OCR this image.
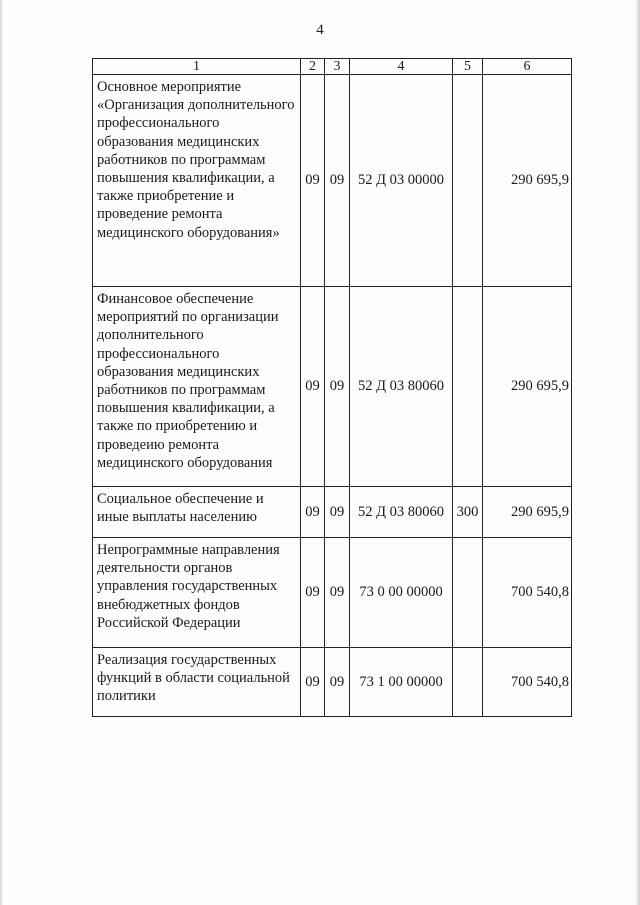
4
1	2	3	4	5	6
Основное мероприятие «Организация дополнительного профессионального образования медицинских работников по программам повышения квалификации, а также приобретение и проведение ремонта медицинского оборудования»	09	09	52 Д 03 00000		290 695,9
Финансовое обеспечение мероприятий по организации дополнительного профессионального образования медицинских работников по программам повышения квалификации, а также по приобретению и проведеию ремонта медицинского оборудования	09	09	52 Д 03 80060		290 695,9
Социальное обеспечение и иные выплаты населению	09	09	52 Д 03 80060	300	290 695,9
Непрограммные направления деятельности органов управления государственных внебюджетных фондов Российской Федерации	09	09	73 0 00 00000		700 540,8
Реализация государственных функций в области социальной политики	09	09	73 1 00 00000		700 540,8
